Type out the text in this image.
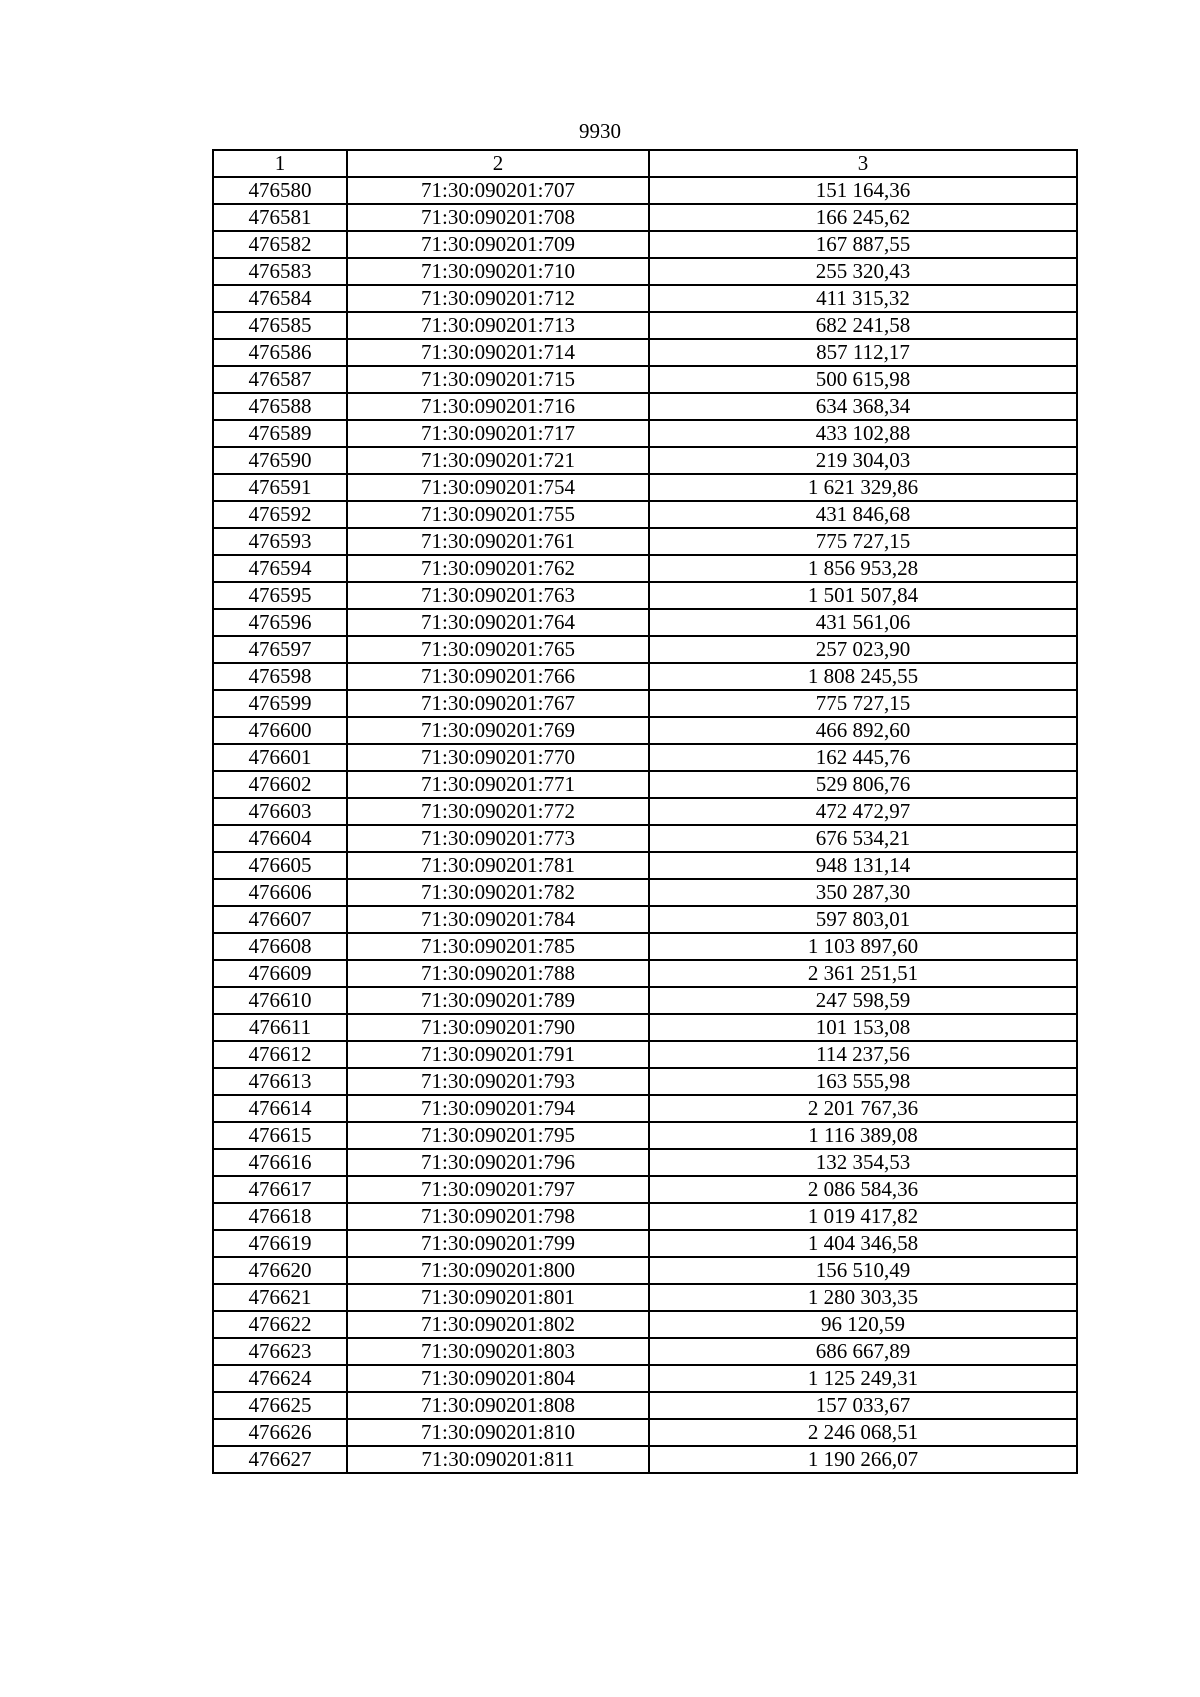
9930
1	2	3
476580	71:30:090201:707	151 164,36
476581	71:30:090201:708	166 245,62
476582	71:30:090201:709	167 887,55
476583	71:30:090201:710	255 320,43
476584	71:30:090201:712	411 315,32
476585	71:30:090201:713	682 241,58
476586	71:30:090201:714	857 112,17
476587	71:30:090201:715	500 615,98
476588	71:30:090201:716	634 368,34
476589	71:30:090201:717	433 102,88
476590	71:30:090201:721	219 304,03
476591	71:30:090201:754	1 621 329,86
476592	71:30:090201:755	431 846,68
476593	71:30:090201:761	775 727,15
476594	71:30:090201:762	1 856 953,28
476595	71:30:090201:763	1 501 507,84
476596	71:30:090201:764	431 561,06
476597	71:30:090201:765	257 023,90
476598	71:30:090201:766	1 808 245,55
476599	71:30:090201:767	775 727,15
476600	71:30:090201:769	466 892,60
476601	71:30:090201:770	162 445,76
476602	71:30:090201:771	529 806,76
476603	71:30:090201:772	472 472,97
476604	71:30:090201:773	676 534,21
476605	71:30:090201:781	948 131,14
476606	71:30:090201:782	350 287,30
476607	71:30:090201:784	597 803,01
476608	71:30:090201:785	1 103 897,60
476609	71:30:090201:788	2 361 251,51
476610	71:30:090201:789	247 598,59
476611	71:30:090201:790	101 153,08
476612	71:30:090201:791	114 237,56
476613	71:30:090201:793	163 555,98
476614	71:30:090201:794	2 201 767,36
476615	71:30:090201:795	1 116 389,08
476616	71:30:090201:796	132 354,53
476617	71:30:090201:797	2 086 584,36
476618	71:30:090201:798	1 019 417,82
476619	71:30:090201:799	1 404 346,58
476620	71:30:090201:800	156 510,49
476621	71:30:090201:801	1 280 303,35
476622	71:30:090201:802	96 120,59
476623	71:30:090201:803	686 667,89
476624	71:30:090201:804	1 125 249,31
476625	71:30:090201:808	157 033,67
476626	71:30:090201:810	2 246 068,51
476627	71:30:090201:811	1 190 266,07
